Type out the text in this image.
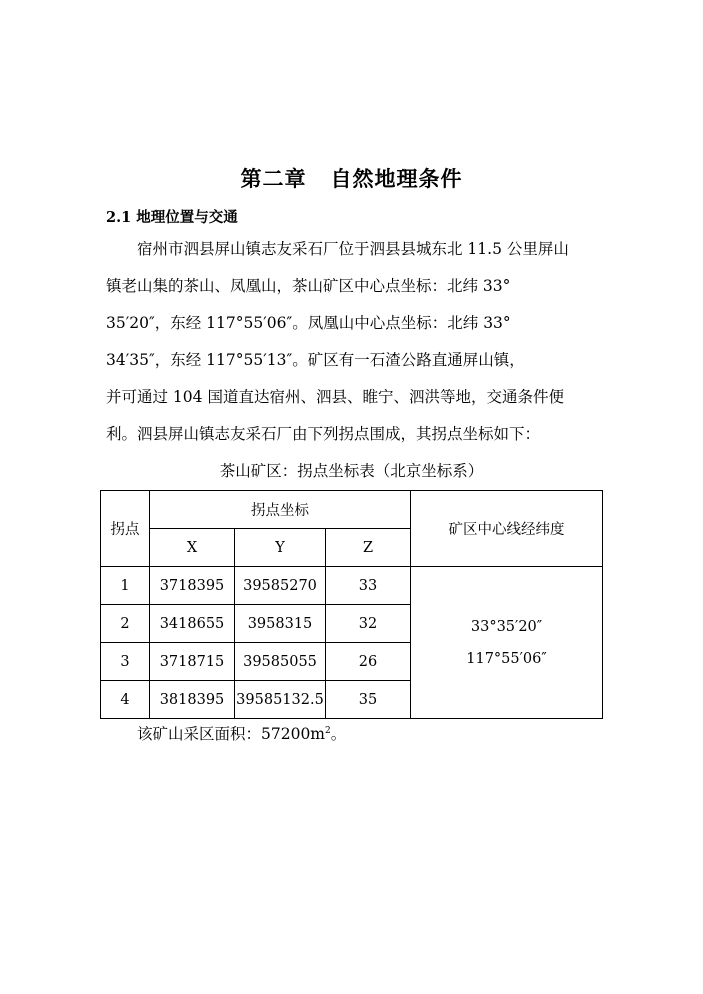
第二章 自然地理条件
2.1 地理位置与交通
宿州市泗县屏山镇志友采石厂位于泗县县城东北 11.5 公里屏山
镇老山集的茶山、凤凰山，茶山矿区中心点坐标：北纬 33°
35′20″，东经 117°55′06″。凤凰山中心点坐标：北纬 33°
34′35″，东经 117°55′13″。矿区有一石渣公路直通屏山镇，
并可通过 104 国道直达宿州、泗县、睢宁、泗洪等地，交通条件便
利。泗县屏山镇志友采石厂由下列拐点围成，其拐点坐标如下：
茶山矿区：拐点坐标表（北京坐标系）
拐点	拐点坐标			矿区中心线经纬度
	X	Y	Z	
1	3718395	39585270	33	33°35′20″
117°55′06″

2	3418655	3958315	32	
3	3718715	39585055	26	
4	3818395	39585132.5	35	
该矿山采区面积：$57200m^2$。
